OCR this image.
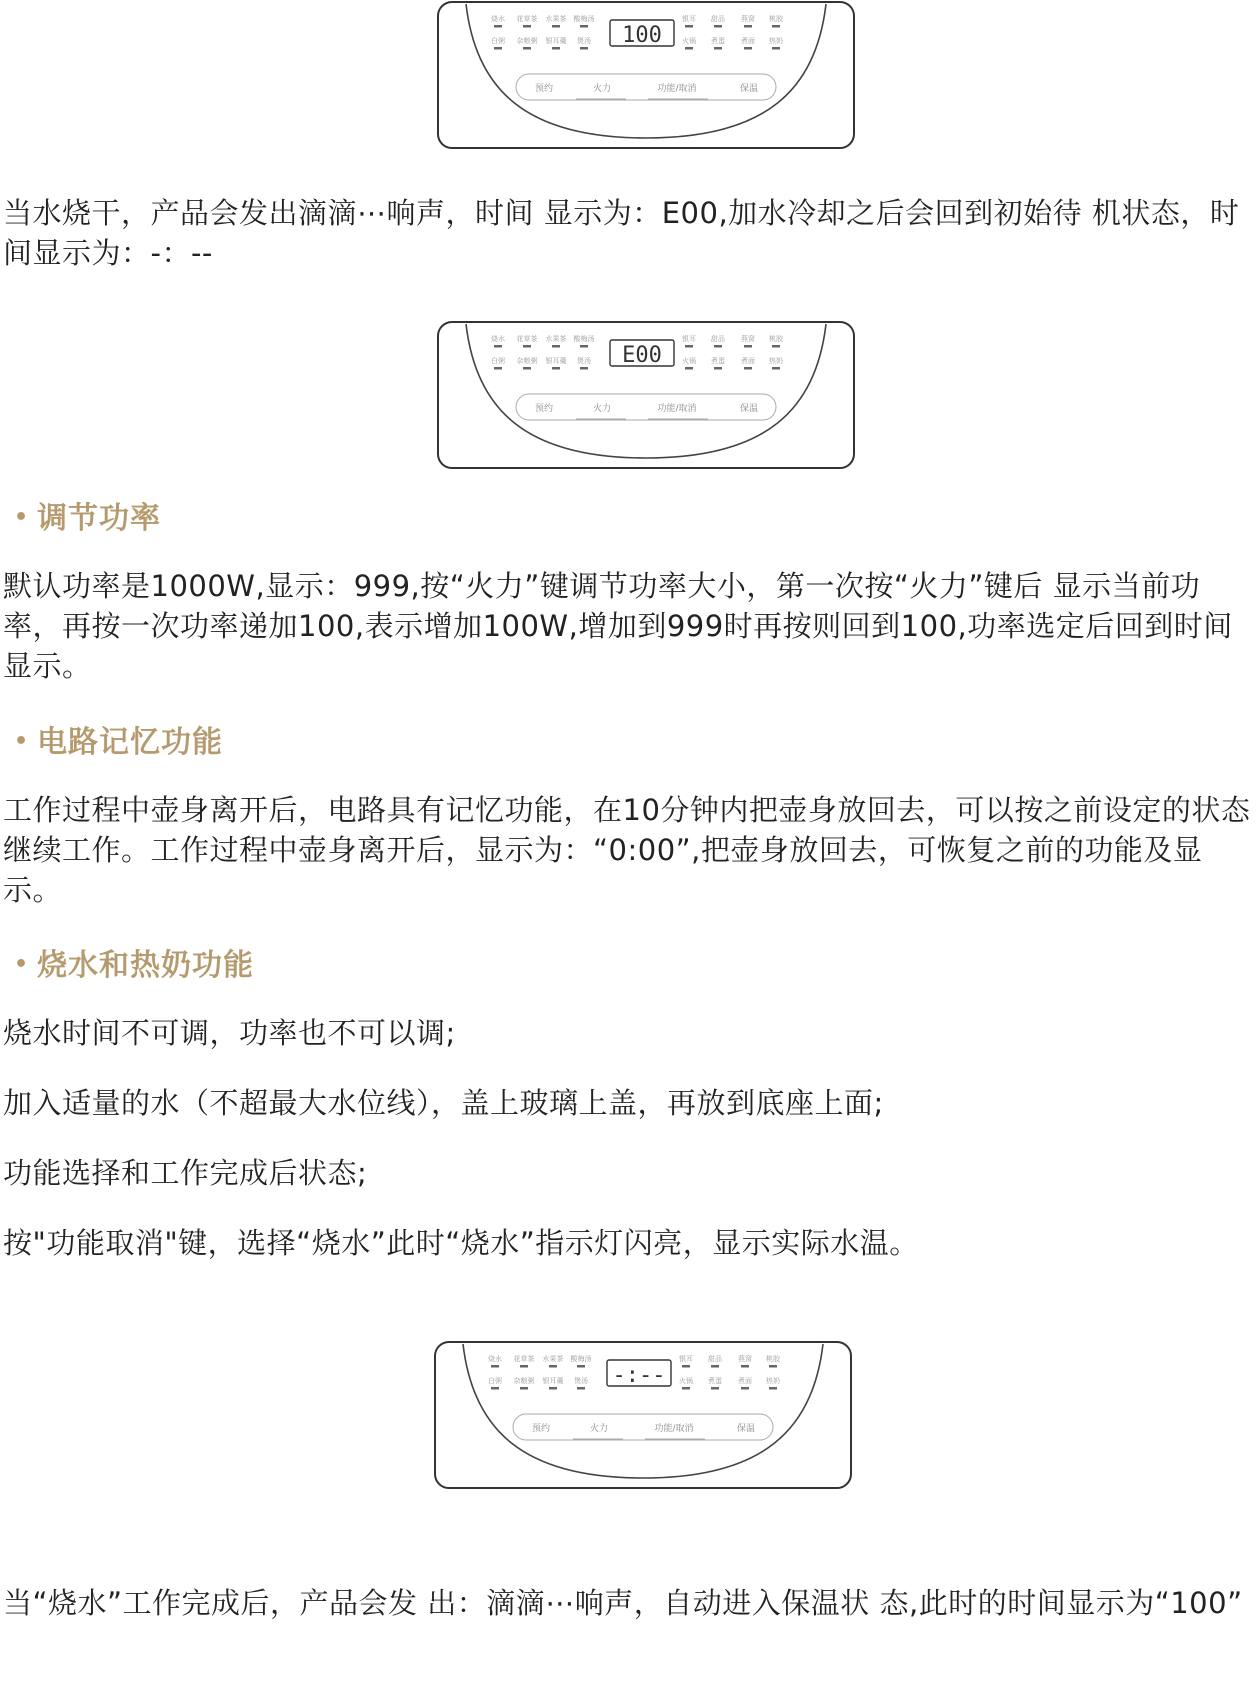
烧水 花草茶 水果茶 酸梅汤	银耳 甜品 燕窝 桃胶
白粥 杂粮粥 银耳羹 煲汤	火锅 煮蛋 煮面 热奶
100
预约	火力	功能/取消	保温

当水烧干，产品会发出滴滴⋯响声，时间 显示为：E00,加水冷却之后会回到初始待 机状态，时间显示为：-：--

烧水 花草茶 水果茶 酸梅汤	银耳 甜品 燕窝 桃胶
白粥 杂粮粥 银耳羹 煲汤	火锅 煮蛋 煮面 热奶
E00
预约	火力	功能/取消	保温
• 调节功率

默认功率是1000W,显示：999,按“火力”键调节功率大小，第一次按“火力”键后 显示当前功率，再按一次功率递加100,表示增加100W,增加到999时再按则回到100,功率选定后回到时间显示。

• 电路记忆功能

工作过程中壶身离开后，电路具有记忆功能，在10分钟内把壶身放回去，可以按之前设定的状态继续工作。工作过程中壶身离开后，显示为：“0:00”,把壶身放回去，可恢复之前的功能及显示。

• 烧水和热奶功能

烧水时间不可调，功率也不可以调;

加入适量的水（不超最大水位线），盖上玻璃上盖，再放到底座上面;

功能选择和工作完成后状态;

按"功能取消"键，选择“烧水”此时“烧水”指示灯闪亮，显示实际水温。

烧水 花草茶 水果茶 酸梅汤	银耳 甜品 燕窝 桃胶
白粥 杂粮粥 银耳羹 煲汤	火锅 煮蛋 煮面 热奶
-:--
预约	火力	功能/取消	保温

当“烧水”工作完成后，产品会发 出：滴滴⋯响声，自动进入保温状 态,此时的时间显示为“100”
